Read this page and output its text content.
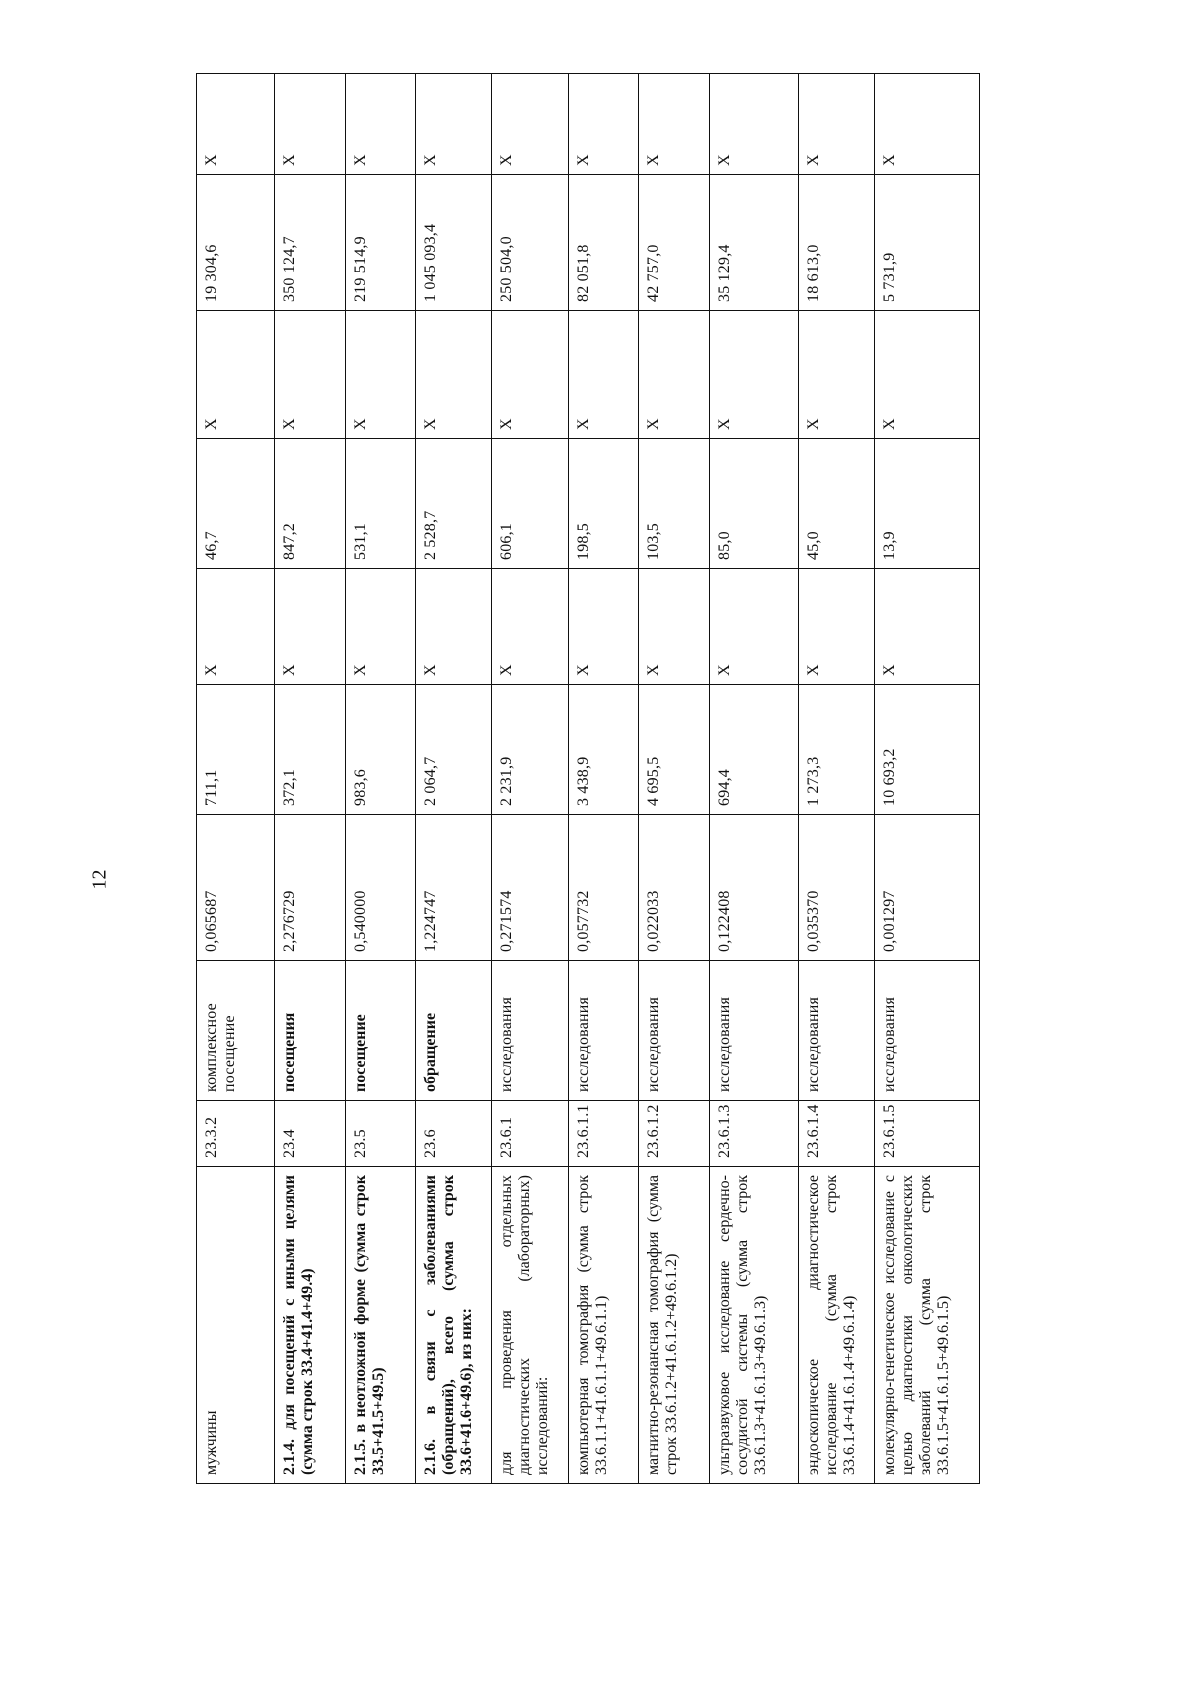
12
мужчины	23.3.2	комплексное посещение	0,065687	711,1	Х	46,7	Х	19 304,6	Х
2.1.4. для посещений с иными целями (сумма строк 33.4+41.4+49.4)	23.4	посещения	2,276729	372,1	Х	847,2	Х	350 124,7	Х
2.1.5. в неотложной форме (сумма строк 33.5+41.5+49.5)	23.5	посещение	0,540000	983,6	Х	531,1	Х	219 514,9	Х
2.1.6. в связи с заболеваниями (обращений), всего (сумма строк 33.6+41.6+49.6), из них:	23.6	обращение	1,224747	2 064,7	Х	2 528,7	Х	1 045 093,4	Х
для проведения отдельных диагностических (лабораторных) исследований:	23.6.1	исследования	0,271574	2 231,9	Х	606,1	Х	250 504,0	Х
компьютерная томография (сумма строк 33.6.1.1+41.6.1.1+49.6.1.1)	23.6.1.1	исследования	0,057732	3 438,9	Х	198,5	Х	82 051,8	Х
магнитно-резонансная томография (сумма строк 33.6.1.2+41.6.1.2+49.6.1.2)	23.6.1.2	исследования	0,022033	4 695,5	Х	103,5	Х	42 757,0	Х
ультразвуковое исследование сердечно-сосудистой системы (сумма строк 33.6.1.3+41.6.1.3+49.6.1.3)	23.6.1.3	исследования	0,122408	694,4	Х	85,0	Х	35 129,4	Х
эндоскопическое диагностическое исследование (сумма строк 33.6.1.4+41.6.1.4+49.6.1.4)	23.6.1.4	исследования	0,035370	1 273,3	Х	45,0	Х	18 613,0	Х
молекулярно-генетическое исследование с целью диагностики онкологических заболеваний (сумма строк 33.6.1.5+41.6.1.5+49.6.1.5)	23.6.1.5	исследования	0,001297	10 693,2	Х	13,9	Х	5 731,9	Х
